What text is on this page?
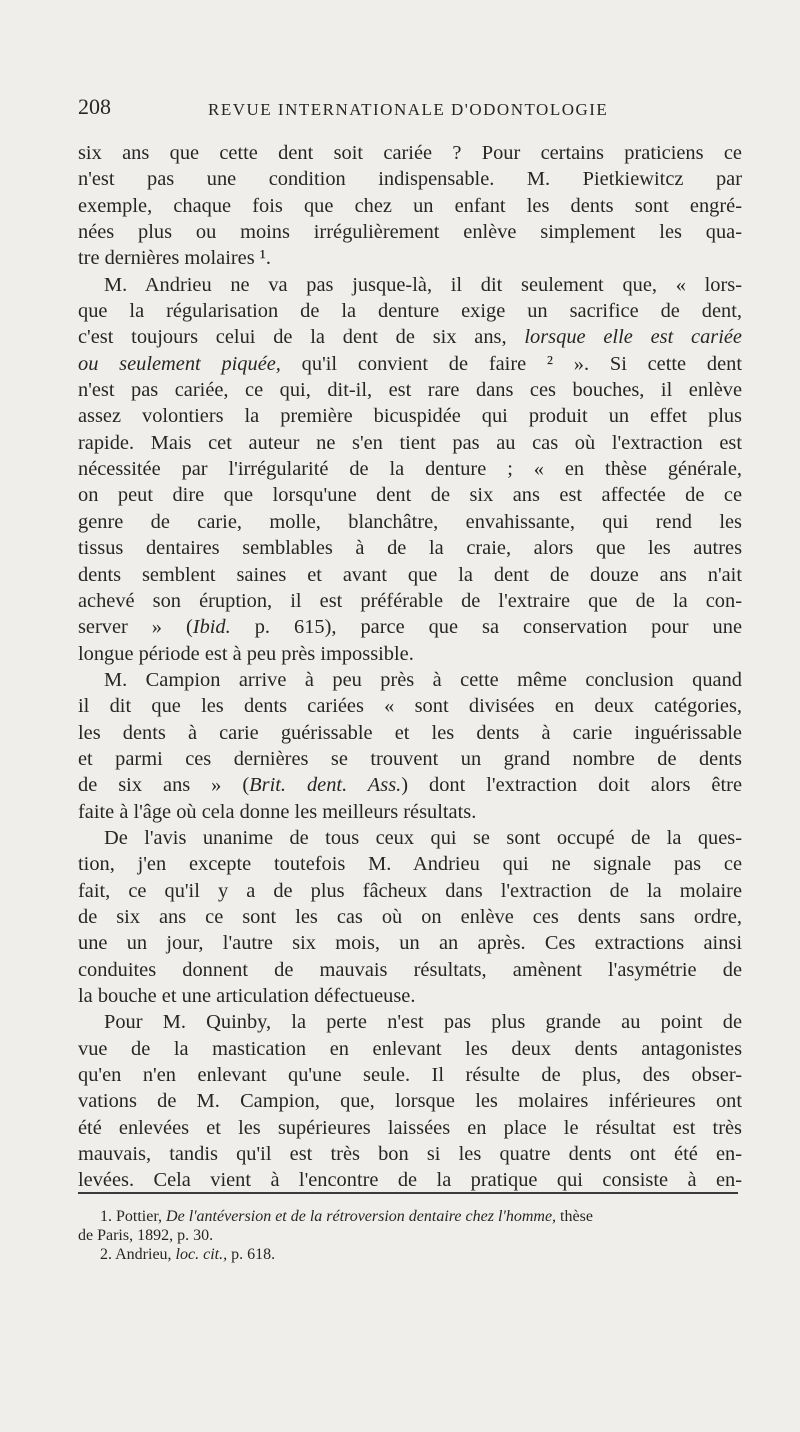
208	REVUE INTERNATIONALE D'ODONTOLOGIE
six ans que cette dent soit cariée ? Pour certains praticiens ce
n'est pas une condition indispensable. M. Pietkiewitcz par
exemple, chaque fois que chez un enfant les dents sont engré-
nées plus ou moins irrégulièrement enlève simplement les qua-
tre dernières molaires ¹.
M. Andrieu ne va pas jusque-là, il dit seulement que, « lors-
que la régularisation de la denture exige un sacrifice de dent,
c'est toujours celui de la dent de six ans, lorsque elle est cariée
ou seulement piquée, qu'il convient de faire ² ». Si cette dent
n'est pas cariée, ce qui, dit-il, est rare dans ces bouches, il enlève
assez volontiers la première bicuspidée qui produit un effet plus
rapide. Mais cet auteur ne s'en tient pas au cas où l'extraction est
nécessitée par l'irrégularité de la denture ; « en thèse générale,
on peut dire que lorsqu'une dent de six ans est affectée de ce
genre de carie, molle, blanchâtre, envahissante, qui rend les
tissus dentaires semblables à de la craie, alors que les autres
dents semblent saines et avant que la dent de douze ans n'ait
achevé son éruption, il est préférable de l'extraire que de la con-
server » (Ibid. p. 615), parce que sa conservation pour une
longue période est à peu près impossible.
M. Campion arrive à peu près à cette même conclusion quand
il dit que les dents cariées « sont divisées en deux catégories,
les dents à carie guérissable et les dents à carie inguérissable
et parmi ces dernières se trouvent un grand nombre de dents
de six ans » (Brit. dent. Ass.) dont l'extraction doit alors être
faite à l'âge où cela donne les meilleurs résultats.
De l'avis unanime de tous ceux qui se sont occupé de la ques-
tion, j'en excepte toutefois M. Andrieu qui ne signale pas ce
fait, ce qu'il y a de plus fâcheux dans l'extraction de la molaire
de six ans ce sont les cas où on enlève ces dents sans ordre,
une un jour, l'autre six mois, un an après. Ces extractions ainsi
conduites donnent de mauvais résultats, amènent l'asymétrie de
la bouche et une articulation défectueuse.
Pour M. Quinby, la perte n'est pas plus grande au point de
vue de la mastication en enlevant les deux dents antagonistes
qu'en n'en enlevant qu'une seule. Il résulte de plus, des obser-
vations de M. Campion, que, lorsque les molaires inférieures ont
été enlevées et les supérieures laissées en place le résultat est très
mauvais, tandis qu'il est très bon si les quatre dents ont été en-
levées. Cela vient à l'encontre de la pratique qui consiste à en-
1. Pottier, De l'antéversion et de la rétroversion dentaire chez l'homme, thèse
de Paris, 1892, p. 30.
2. Andrieu, loc. cit., p. 618.
